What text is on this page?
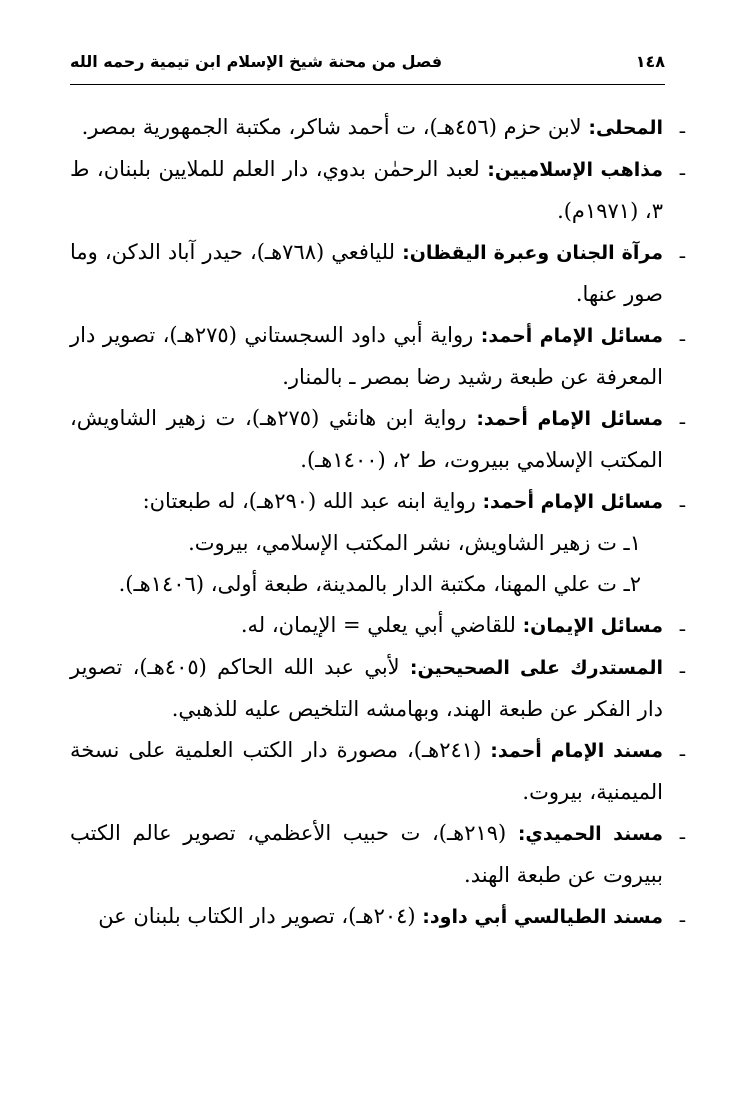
١٤٨
فصل من محنة شيخ الإسلام ابن تيمية رحمه الله
ـ
المحلى: لابن حزم (٤٥٦هـ)، ت أحمد شاكر، مكتبة الجمهورية بمصر.
ـ
مذاهب الإسلاميين: لعبد الرحمٰن بدوي، دار العلم للملايين بلبنان، ط ٣، (١٩٧١م).
ـ
مرآة الجنان وعبرة اليقظان: لليافعي (٧٦٨هـ)، حيدر آباد الدكن، وما صور عنها.
ـ
مسائل الإمام أحمد: رواية أبي داود السجستاني (٢٧٥هـ)، تصوير دار المعرفة عن طبعة رشيد رضا بمصر ـ بالمنار.
ـ
مسائل الإمام أحمد: رواية ابن هانئي (٢٧٥هـ)، ت زهير الشاويش، المكتب الإسلامي ببيروت، ط ٢، (١٤٠٠هـ).
ـ
مسائل الإمام أحمد: رواية ابنه عبد الله (٢٩٠هـ)، له طبعتان:
١ـ ت زهير الشاويش، نشر المكتب الإسلامي، بيروت.
٢ـ ت علي المهنا، مكتبة الدار بالمدينة، طبعة أولى، (١٤٠٦هـ).
ـ
مسائل الإيمان: للقاضي أبي يعلي = الإيمان، له.
ـ
المستدرك على الصحيحين: لأبي عبد الله الحاكم (٤٠٥هـ)، تصوير دار الفكر عن طبعة الهند، وبهامشه التلخيص عليه للذهبي.
ـ
مسند الإمام أحمد: (٢٤١هـ)، مصورة دار الكتب العلمية على نسخة الميمنية، بيروت.
ـ
مسند الحميدي: (٢١٩هـ)، ت حبيب الأعظمي، تصوير عالم الكتب ببيروت عن طبعة الهند.
ـ
مسند الطيالسي أبي داود: (٢٠٤هـ)، تصوير دار الكتاب بلبنان عن
